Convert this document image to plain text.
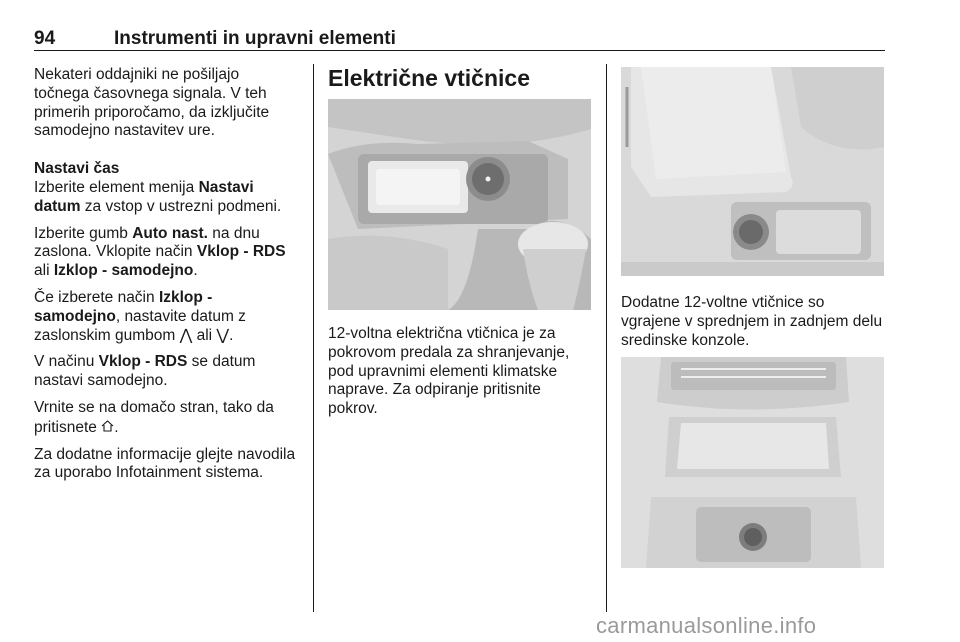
94	Instrumenti in upravni elementi

Nekateri oddajniki ne pošiljajo točnega časovnega signala. V teh primerih priporočamo, da izključite samodejno nastavitev ure.

Nastavi čas

Izberite element menija Nastavi datum za vstop v ustrezni podmeni.

Izberite gumb Auto nast. na dnu zaslona. Vklopite način Vklop - RDS ali Izklop - samodejno.

Če izberete način Izklop - samodejno, nastavite datum z zaslonskim gumbom ⋀ ali ⋁.

V načinu Vklop - RDS se datum nastavi samodejno.

Vrnite se na domačo stran, tako da pritisnete .

Za dodatne informacije glejte navodila za uporabo Infotainment sistema.

Električne vtičnice
12-voltna električna vtičnica je za pokrovom predala za shranjevanje, pod upravnimi elementi klimatske naprave. Za odpiranje pritisnite pokrov.
Dodatne 12-voltne vtičnice so vgrajene v sprednjem in zadnjem delu sredinske konzole.
carmanualsonline.info
